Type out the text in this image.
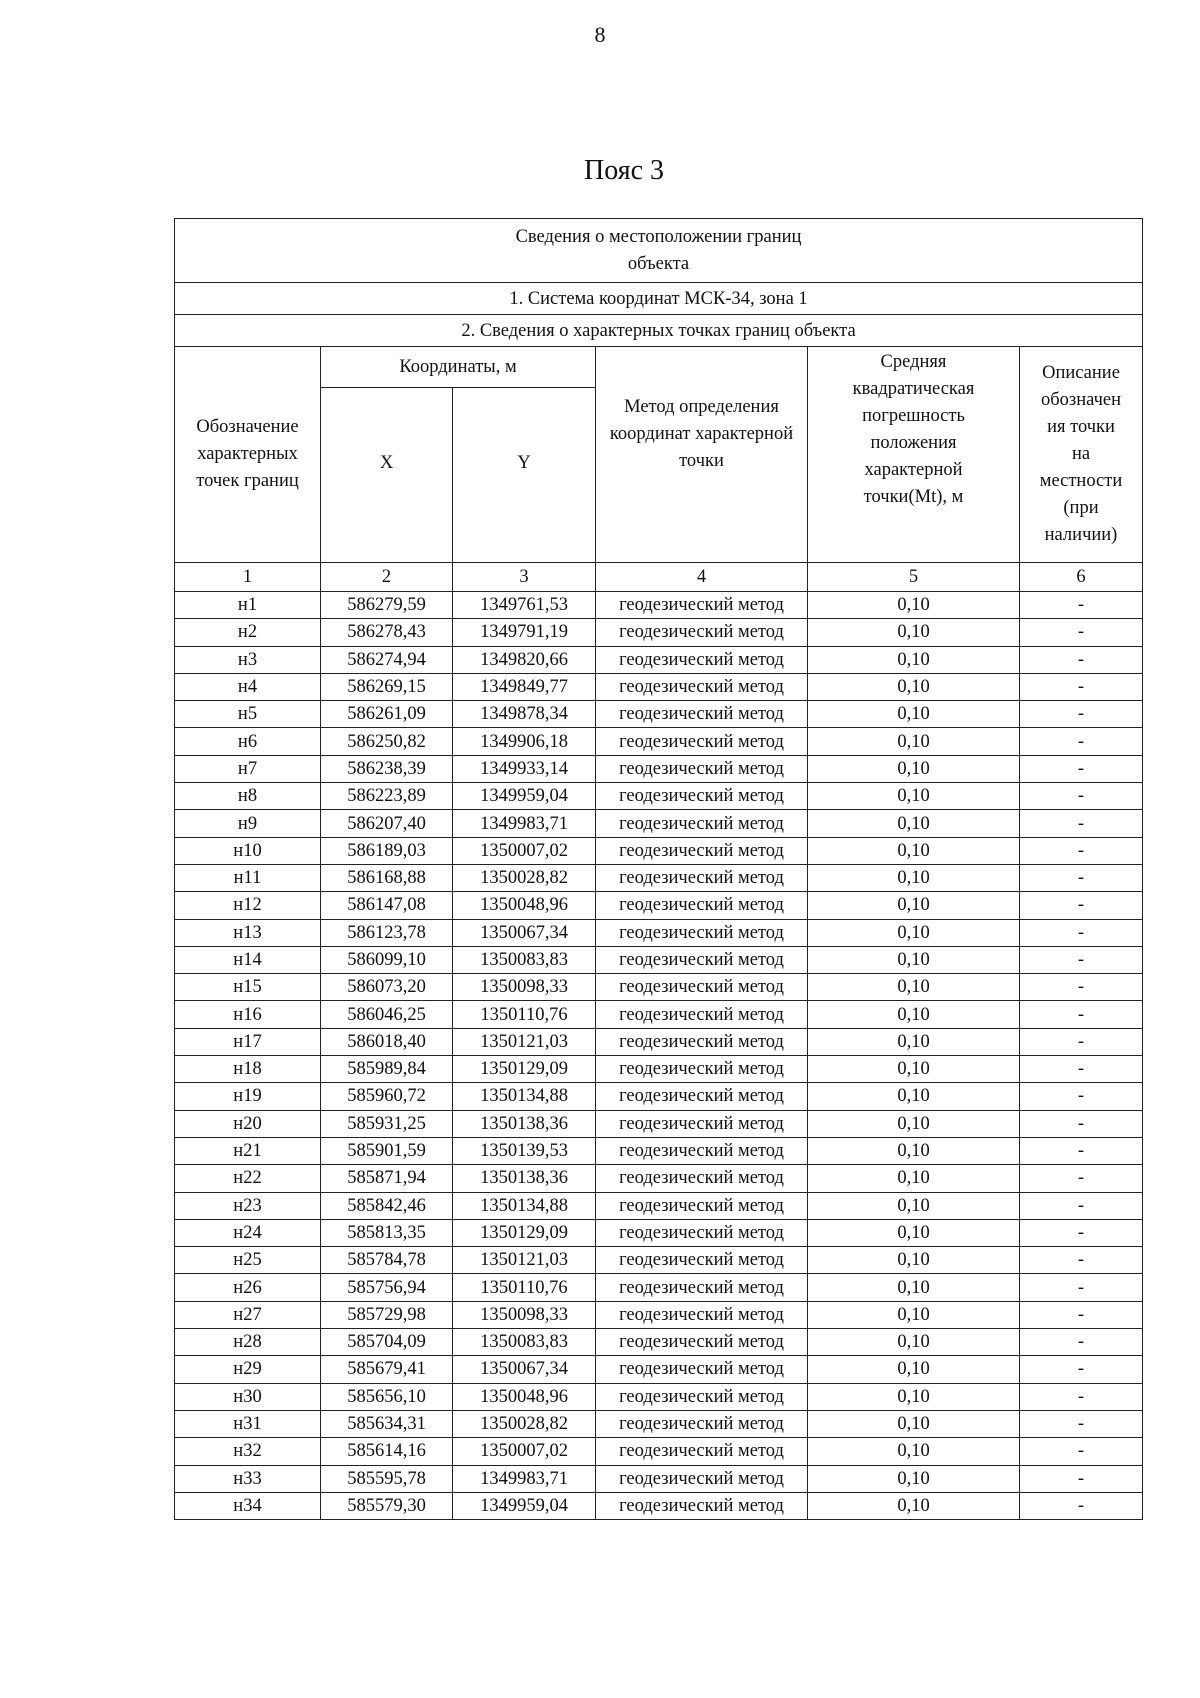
8
Пояс 3
Сведения о местоположении границ объекта					

1. Система координат МСК-34, зона 1					
2. Сведения о характерных точках границ объекта					
Обозначение характерных точек границ	Координаты, м		Метод определения координат характерной точки	Средняя квадратическая погрешность положения характерной точки(Mt), м	Описание обозначен ия точки на местности (при наличии)

	X	Y			

1	2	3	4	5	6
н1	586279,59	1349761,53	геодезический метод	0,10	-
н2	586278,43	1349791,19	геодезический метод	0,10	-
н3	586274,94	1349820,66	геодезический метод	0,10	-
н4	586269,15	1349849,77	геодезический метод	0,10	-
н5	586261,09	1349878,34	геодезический метод	0,10	-
н6	586250,82	1349906,18	геодезический метод	0,10	-
н7	586238,39	1349933,14	геодезический метод	0,10	-
н8	586223,89	1349959,04	геодезический метод	0,10	-
н9	586207,40	1349983,71	геодезический метод	0,10	-
н10	586189,03	1350007,02	геодезический метод	0,10	-
н11	586168,88	1350028,82	геодезический метод	0,10	-
н12	586147,08	1350048,96	геодезический метод	0,10	-
н13	586123,78	1350067,34	геодезический метод	0,10	-
н14	586099,10	1350083,83	геодезический метод	0,10	-
н15	586073,20	1350098,33	геодезический метод	0,10	-
н16	586046,25	1350110,76	геодезический метод	0,10	-
н17	586018,40	1350121,03	геодезический метод	0,10	-
н18	585989,84	1350129,09	геодезический метод	0,10	-
н19	585960,72	1350134,88	геодезический метод	0,10	-
н20	585931,25	1350138,36	геодезический метод	0,10	-
н21	585901,59	1350139,53	геодезический метод	0,10	-
н22	585871,94	1350138,36	геодезический метод	0,10	-
н23	585842,46	1350134,88	геодезический метод	0,10	-
н24	585813,35	1350129,09	геодезический метод	0,10	-
н25	585784,78	1350121,03	геодезический метод	0,10	-
н26	585756,94	1350110,76	геодезический метод	0,10	-
н27	585729,98	1350098,33	геодезический метод	0,10	-
н28	585704,09	1350083,83	геодезический метод	0,10	-
н29	585679,41	1350067,34	геодезический метод	0,10	-
н30	585656,10	1350048,96	геодезический метод	0,10	-
н31	585634,31	1350028,82	геодезический метод	0,10	-
н32	585614,16	1350007,02	геодезический метод	0,10	-
н33	585595,78	1349983,71	геодезический метод	0,10	-
н34	585579,30	1349959,04	геодезический метод	0,10	-
